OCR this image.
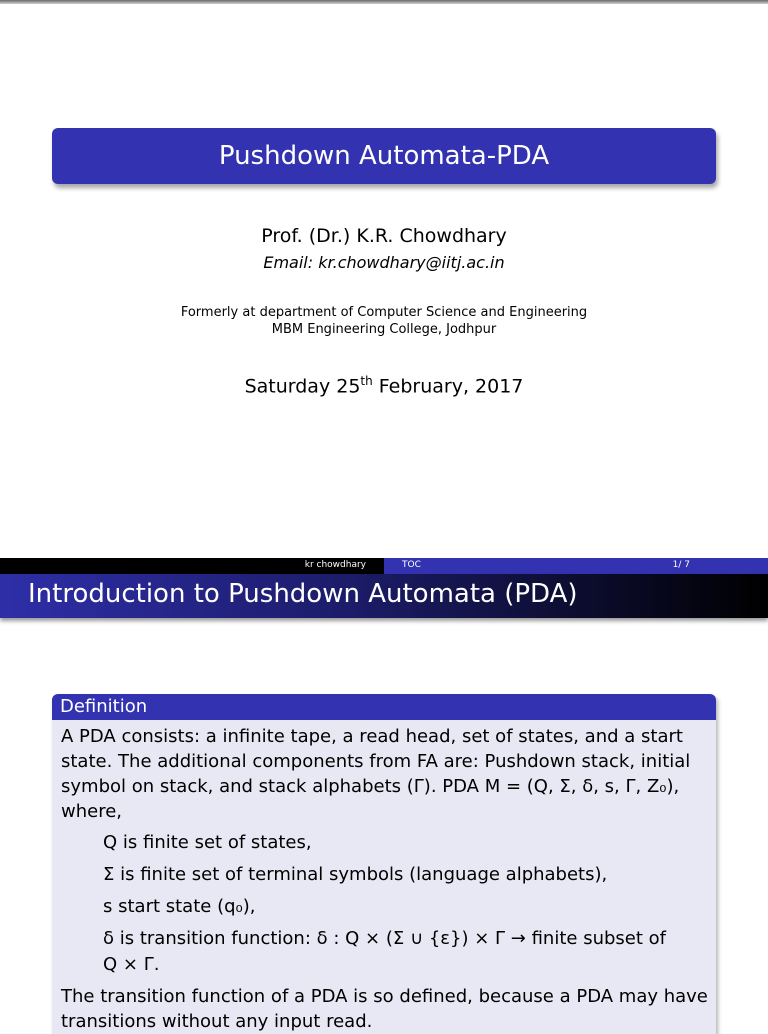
Pushdown Automata-PDA
Prof. (Dr.) K.R. Chowdhary
Email: kr.chowdhary@iitj.ac.in
Formerly at department of Computer Science and Engineering
MBM Engineering College, Jodhpur
Saturday 25th February, 2017
kr chowdhary	TOC	1/ 7
Introduction to Pushdown Automata (PDA)
Definition

A PDA consists: a infinite tape, a read head, set of states, and a start state. The additional components from FA are: Pushdown stack, initial symbol on stack, and stack alphabets (Γ). PDA M = (Q, Σ, δ, s, Γ, Z₀), where,

Q is finite set of states,
Σ is finite set of terminal symbols (language alphabets),
s start state (q₀),
δ is transition function: δ : Q × (Σ ∪ {ε}) × Γ → finite subset of
Q × Γ.

The transition function of a PDA is so defined, because a PDA may have transitions without any input read.
